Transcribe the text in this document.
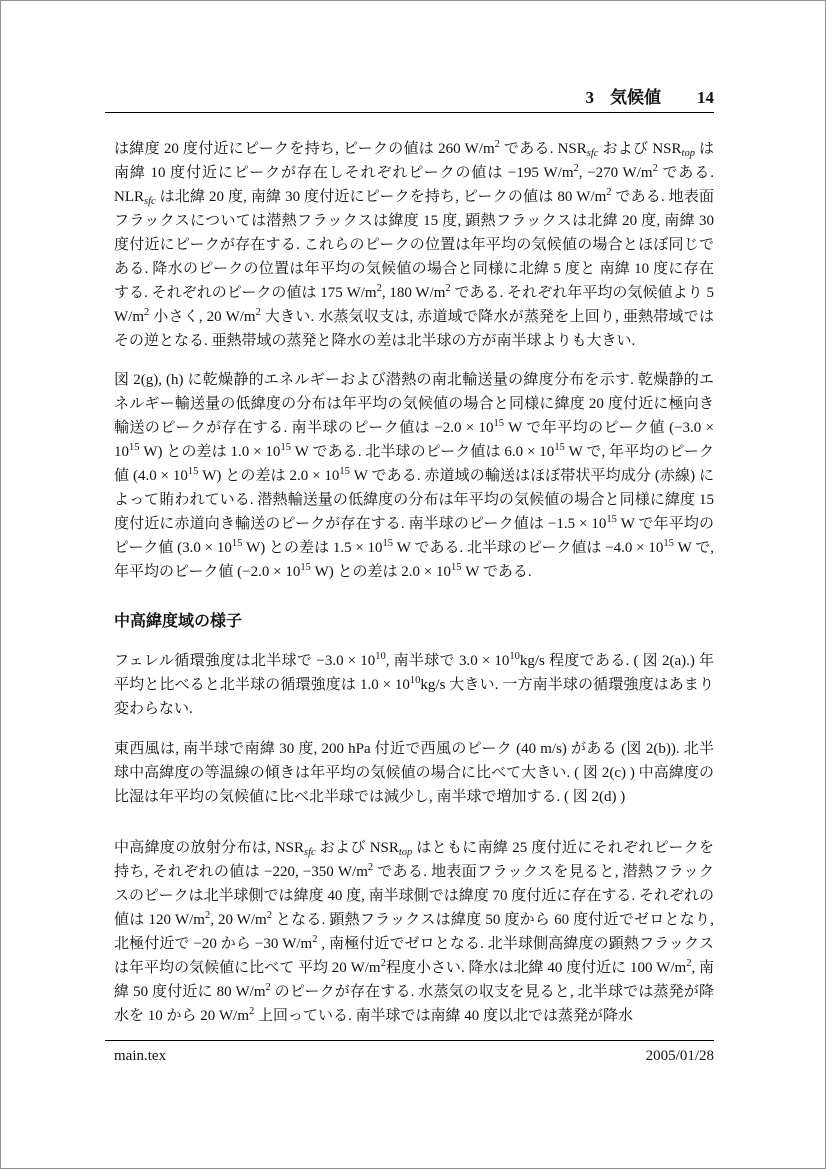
3 気候値 14

は緯度 20 度付近にピークを持ち, ピークの値は 260 $W/m^2$ である. $NSR_{sfc}$ および $NSR_{top}$ は南緯 10 度付近にピークが存在しそれぞれピークの値は −195 $W/m^2$, −270 $W/m^2$ である. $NLR_{sfc}$ は北緯 20 度, 南緯 30 度付近にピークを持ち, ピークの値は 80 $W/m^2$ である. 地表面フラックスについては潜熱フラックスは緯度 15 度, 顕熱フラックスは北緯 20 度, 南緯 30 度付近にピークが存在する. これらのピークの位置は年平均の気候値の場合とほぼ同じである. 降水のピークの位置は年平均の気候値の場合と同様に北緯 5 度と 南緯 10 度に存在する. それぞれのピークの値は 175 $W/m^2$, 180 $W/m^2$ である. それぞれ年平均の気候値より 5 $W/m^2$ 小さく, 20 $W/m^2$ 大きい. 水蒸気収支は, 赤道域で降水が蒸発を上回り, 亜熱帯域ではその逆となる. 亜熱帯域の蒸発と降水の差は北半球の方が南半球よりも大きい.

図 2(g), (h) に乾燥静的エネルギーおよび潜熱の南北輸送量の緯度分布を示す. 乾燥静的エネルギー輸送量の低緯度の分布は年平均の気候値の場合と同様に緯度 20 度付近に極向き輸送のピークが存在する. 南半球のピーク値は $-2.0 \times 10^{15}$ W で年平均のピーク値 ($-3.0 \times 10^{15}$ W) との差は $1.0 \times 10^{15}$ W である. 北半球のピーク値は $6.0 \times 10^{15}$ W で, 年平均のピーク値 ($4.0 \times 10^{15}$ W) との差は $2.0 \times 10^{15}$ W である. 赤道域の輸送はほぼ帯状平均成分 (赤線) によって賄われている. 潜熱輸送量の低緯度の分布は年平均の気候値の場合と同様に緯度 15 度付近に赤道向き輸送のピークが存在する. 南半球のピーク値は $-1.5 \times 10^{15}$ W で年平均のピーク値 ($3.0 \times 10^{15}$ W) との差は $1.5 \times 10^{15}$ W である. 北半球のピーク値は $-4.0 \times 10^{15}$ W で, 年平均のピーク値 ($-2.0 \times 10^{15}$ W) との差は $2.0 \times 10^{15}$ W である.

中高緯度域の様子

フェレル循環強度は北半球で $-3.0 \times 10^{10}$, 南半球で $3.0 \times 10^{10}kg/s$ 程度である. ( 図 2(a).) 年平均と比べると北半球の循環強度は $1.0 \times 10^{10}kg/s$ 大きい. 一方南半球の循環強度はあまり変わらない.

東西風は, 南半球で南緯 30 度, 200 hPa 付近で西風のピーク (40 m/s) がある (図 2(b)). 北半球中高緯度の等温線の傾きは年平均の気候値の場合に比べて大きい. ( 図 2(c) ) 中高緯度の比湿は年平均の気候値に比べ北半球では減少し, 南半球で増加する. ( 図 2(d) )

中高緯度の放射分布は, $NSR_{sfc}$ および $NSR_{top}$ はともに南緯 25 度付近にそれぞれピークを持ち, それぞれの値は −220, −350 $W/m^2$ である. 地表面フラックスを見ると, 潜熱フラックスのピークは北半球側では緯度 40 度, 南半球側では緯度 70 度付近に存在する. それぞれの値は 120 $W/m^2$, 20 $W/m^2$ となる. 顕熱フラックスは緯度 50 度から 60 度付近でゼロとなり, 北極付近で −20 から −30 $W/m^2$ , 南極付近でゼロとなる. 北半球側高緯度の顕熱フラックスは年平均の気候値に比べて 平均 20 $W/m^2$程度小さい. 降水は北緯 40 度付近に 100 $W/m^2$, 南緯 50 度付近に 80 $W/m^2$ のピークが存在する. 水蒸気の収支を見ると, 北半球では蒸発が降水を 10 から 20 $W/m^2$ 上回っている. 南半球では南緯 40 度以北では蒸発が降水

main.tex	2005/01/28
